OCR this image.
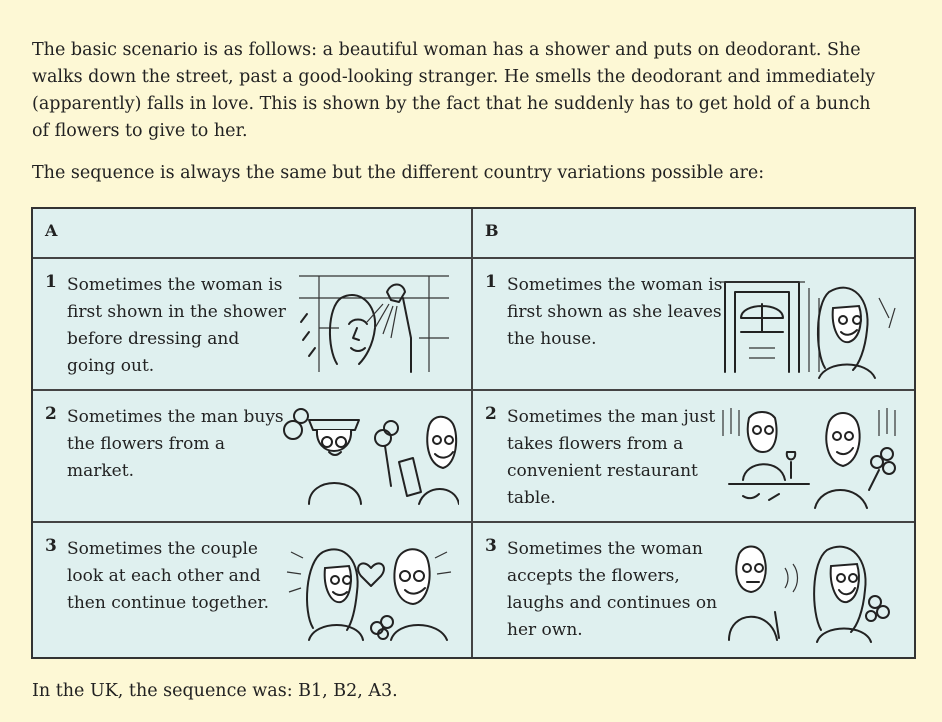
The basic scenario is as follows: a beautiful woman has a shower and puts on deodorant. She walks down the street, past a good-looking stranger. He smells the deodorant and immediately (apparently) falls in love. This is shown by the fact that he suddenly has to get hold of a bunch of flowers to give to her.

The sequence is always the same but the different country variations possible are:

A	B
1 Sometimes the woman is first shown in the shower before dressing and going out.
2 Sometimes the man buys the flowers from a market.
3 Sometimes the couple look at each other and then continue together.
1 Sometimes the woman is first shown as she leaves the house.
2 Sometimes the man just takes flowers from a convenient restaurant table.
3 Sometimes the woman accepts the flowers, laughs and continues on her own.

In the UK, the sequence was: B1, B2, A3.
